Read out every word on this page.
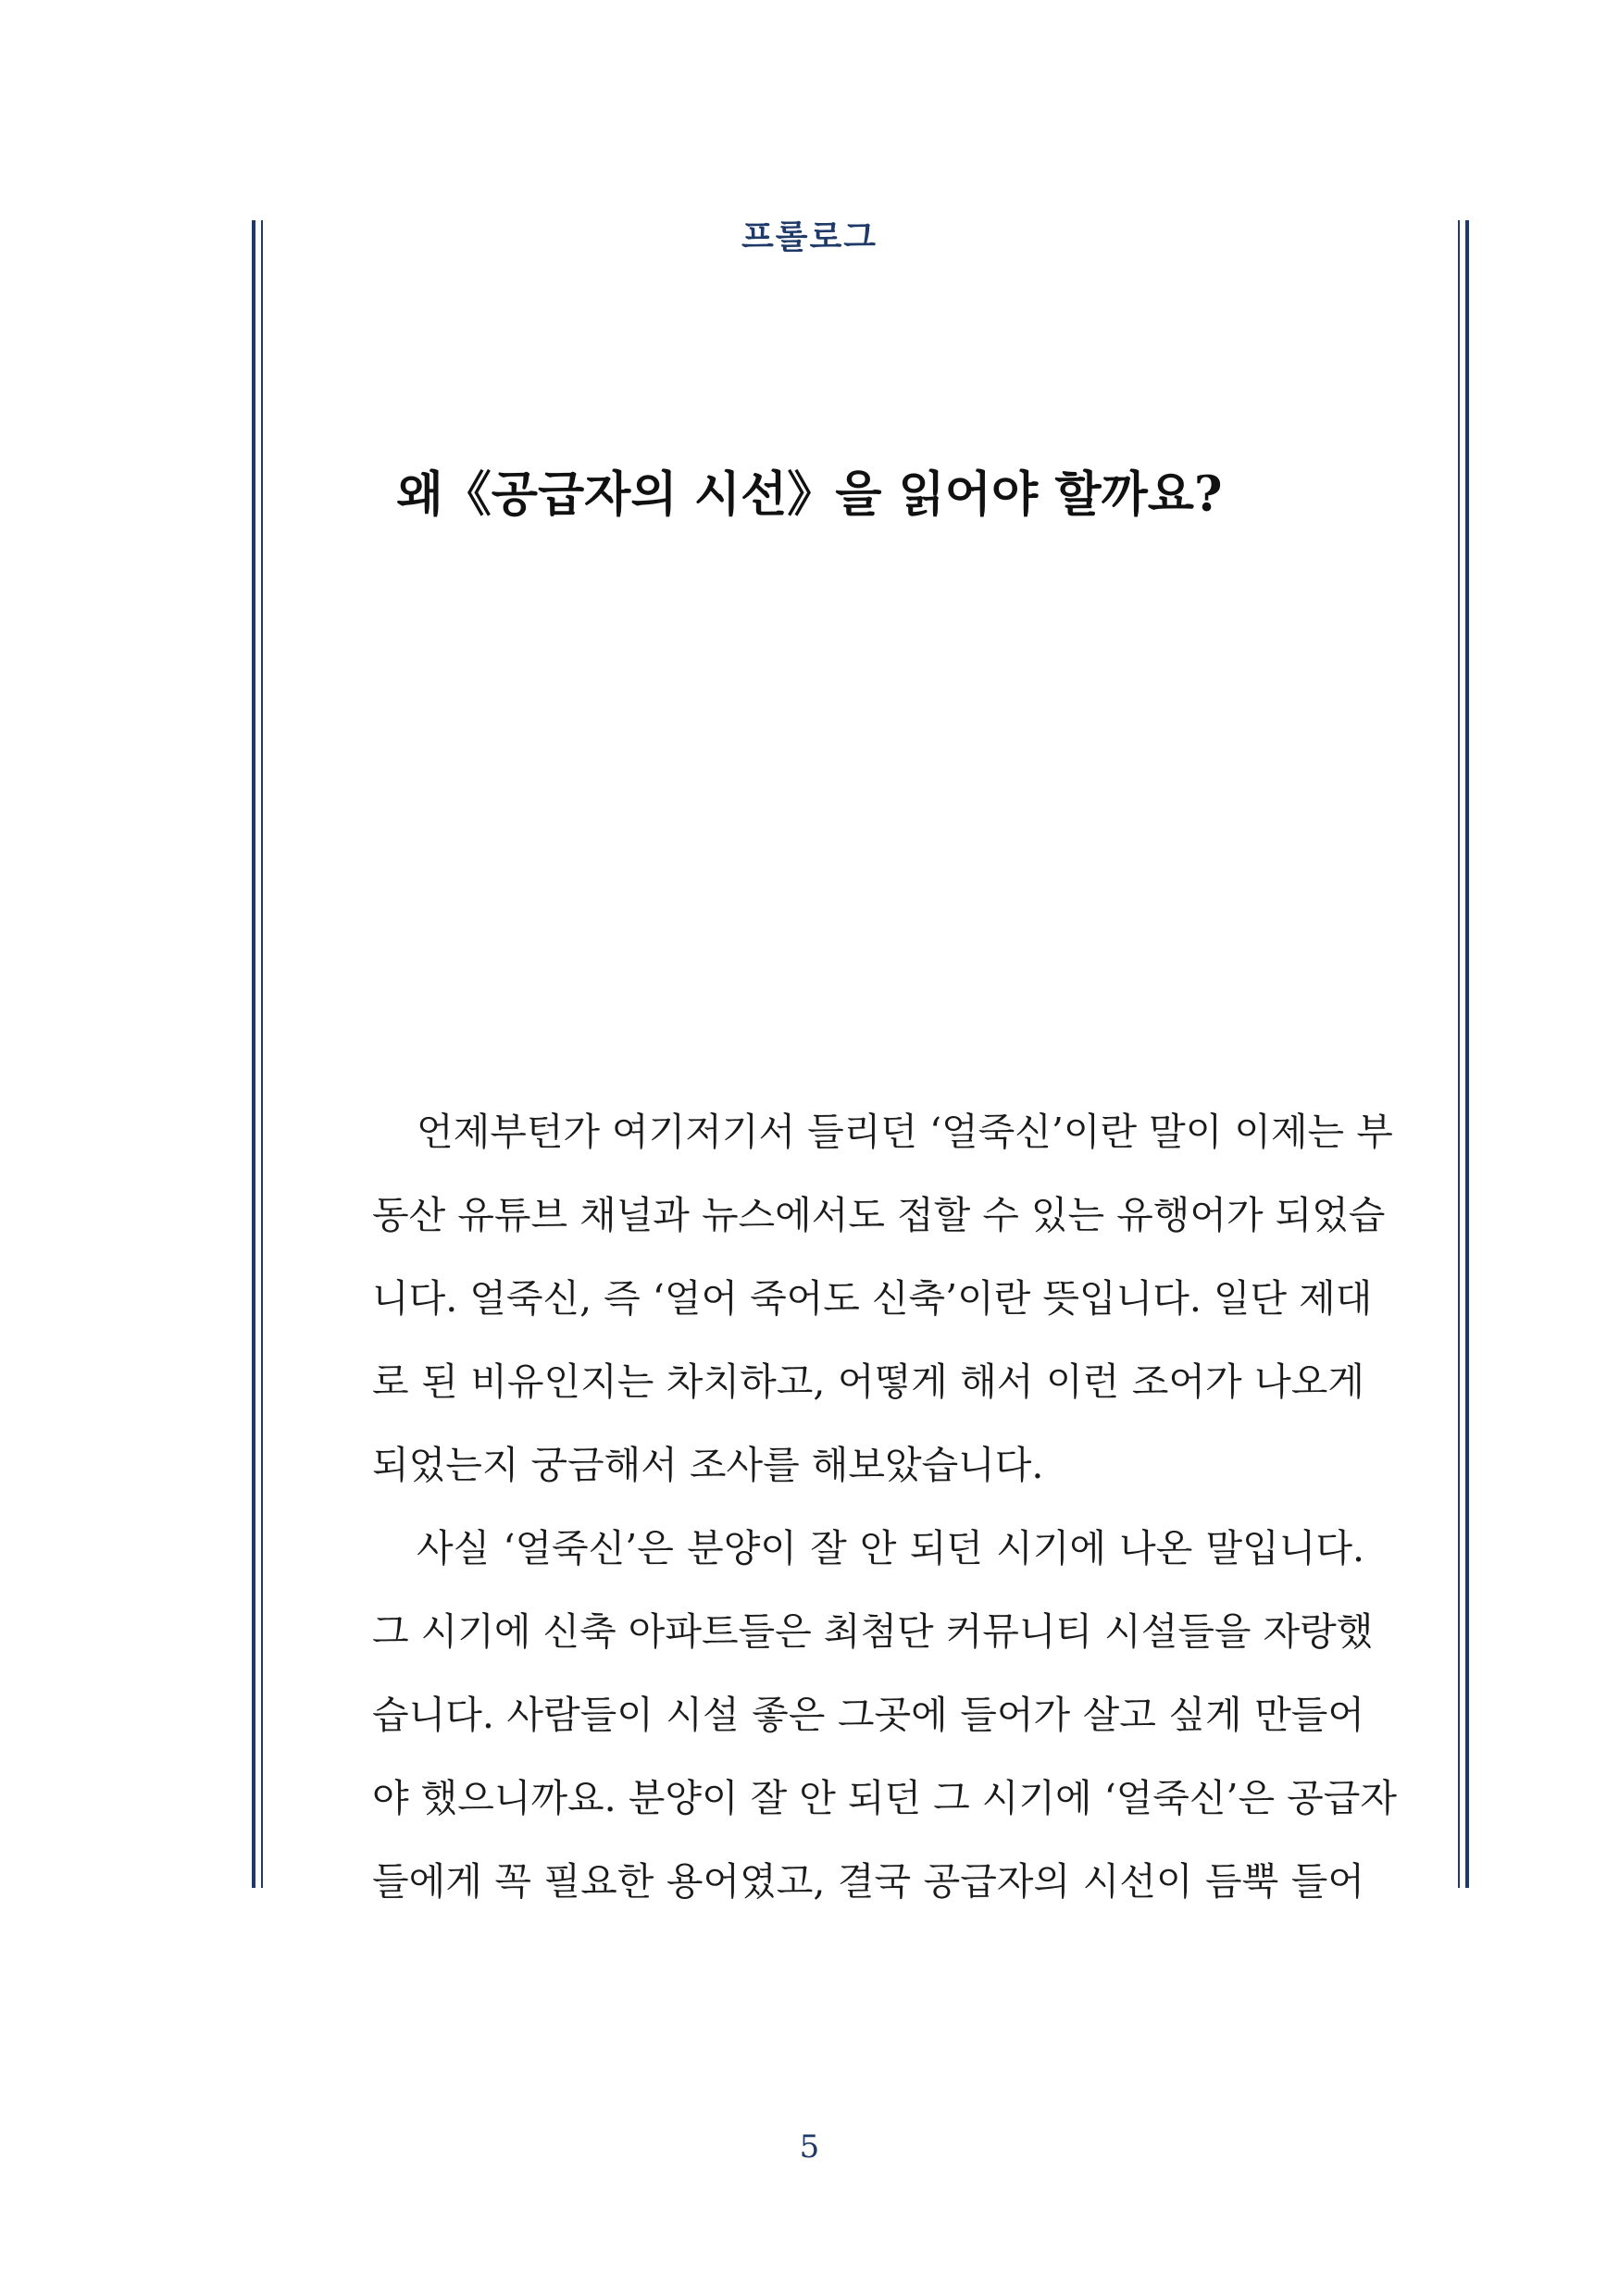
프롤로그
왜《공급자의 시선》을 읽어야 할까요?

언제부턴가 여기저기서 들리던 ‘얼죽신’이란 말이 이제는 부
동산 유튜브 채널과 뉴스에서도 접할 수 있는 유행어가 되었습
니다. 얼죽신, 즉 ‘얼어 죽어도 신축’이란 뜻입니다. 일단 제대
로 된 비유인지는 차치하고, 어떻게 해서 이런 조어가 나오게
되었는지 궁금해서 조사를 해보았습니다.

사실 ‘얼죽신’은 분양이 잘 안 되던 시기에 나온 말입니다.
그 시기에 신축 아파트들은 최첨단 커뮤니티 시설들을 자랑했
습니다. 사람들이 시설 좋은 그곳에 들어가 살고 싶게 만들어
야 했으니까요. 분양이 잘 안 되던 그 시기에 ‘얼죽신’은 공급자
들에게 꼭 필요한 용어였고, 결국 공급자의 시선이 듬뿍 들어

5
